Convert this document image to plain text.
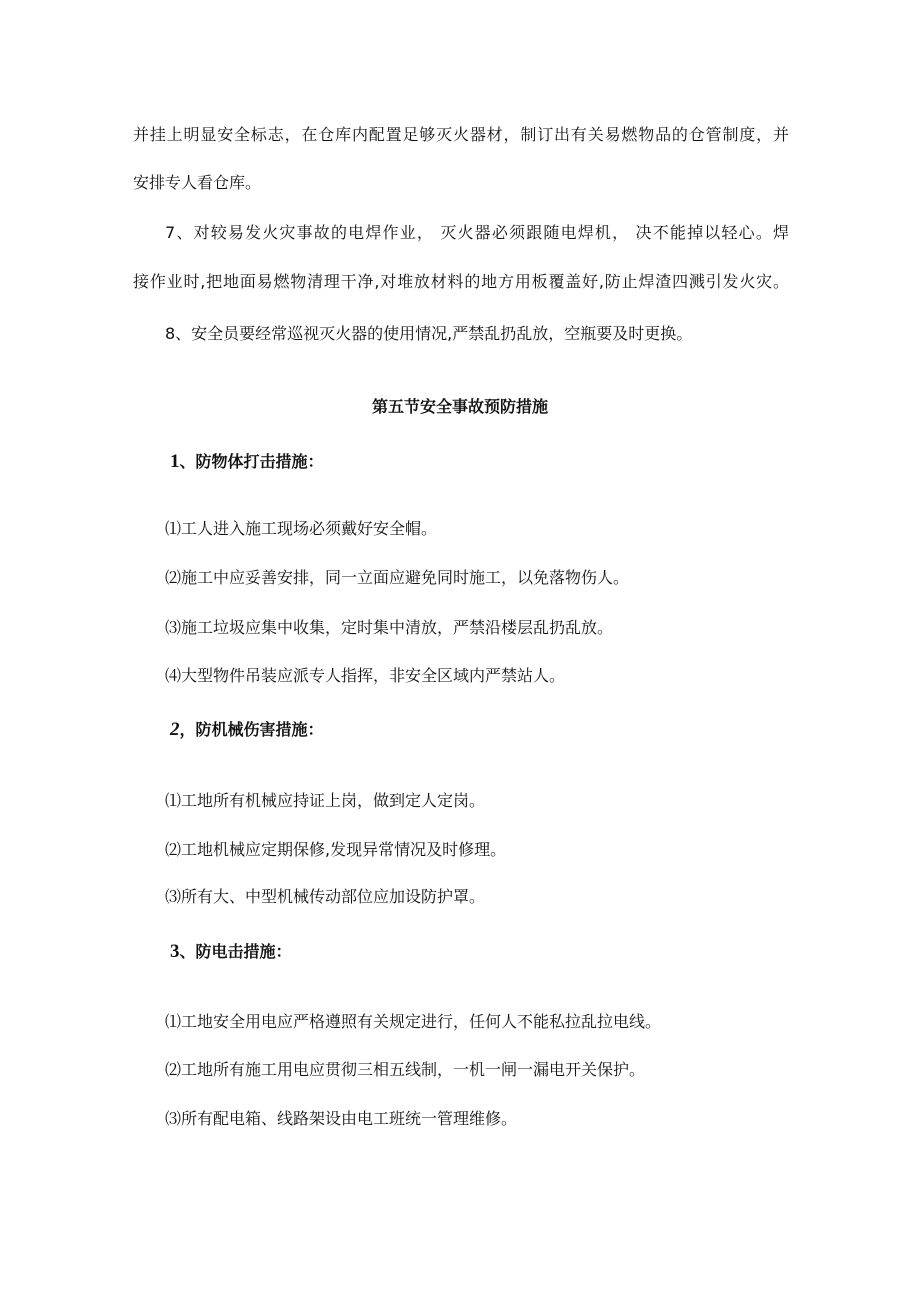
并挂上明显安全标志，在仓库内配置足够灭火器材，制订出有关易燃物品的仓管制度，并
安排专人看仓库。
7、对较易发火灾事故的电焊作业， 灭火器必须跟随电焊机， 决不能掉以轻心。焊
接作业时,把地面易燃物清理干净,对堆放材料的地方用板覆盖好,防止焊渣四溅引发火灾。
8、安全员要经常巡视灭火器的使用情况,严禁乱扔乱放，空瓶要及时更换。
第五节安全事故预防措施
1、防物体打击措施：
⑴工人进入施工现场必须戴好安全帽。
⑵施工中应妥善安排，同一立面应避免同时施工，以免落物伤人。
⑶施工垃圾应集中收集，定时集中清放，严禁沿楼层乱扔乱放。
⑷大型物件吊装应派专人指挥，非安全区域内严禁站人。
2，防机械伤害措施：
⑴工地所有机械应持证上岗，做到定人定岗。
⑵工地机械应定期保修,发现异常情况及时修理。
⑶所有大、中型机械传动部位应加设防护罩。
3、防电击措施：
⑴工地安全用电应严格遵照有关规定进行，任何人不能私拉乱拉电线。
⑵工地所有施工用电应贯彻三相五线制，一机一闸一漏电开关保护。
⑶所有配电箱、线路架设由电工班统一管理维修。
